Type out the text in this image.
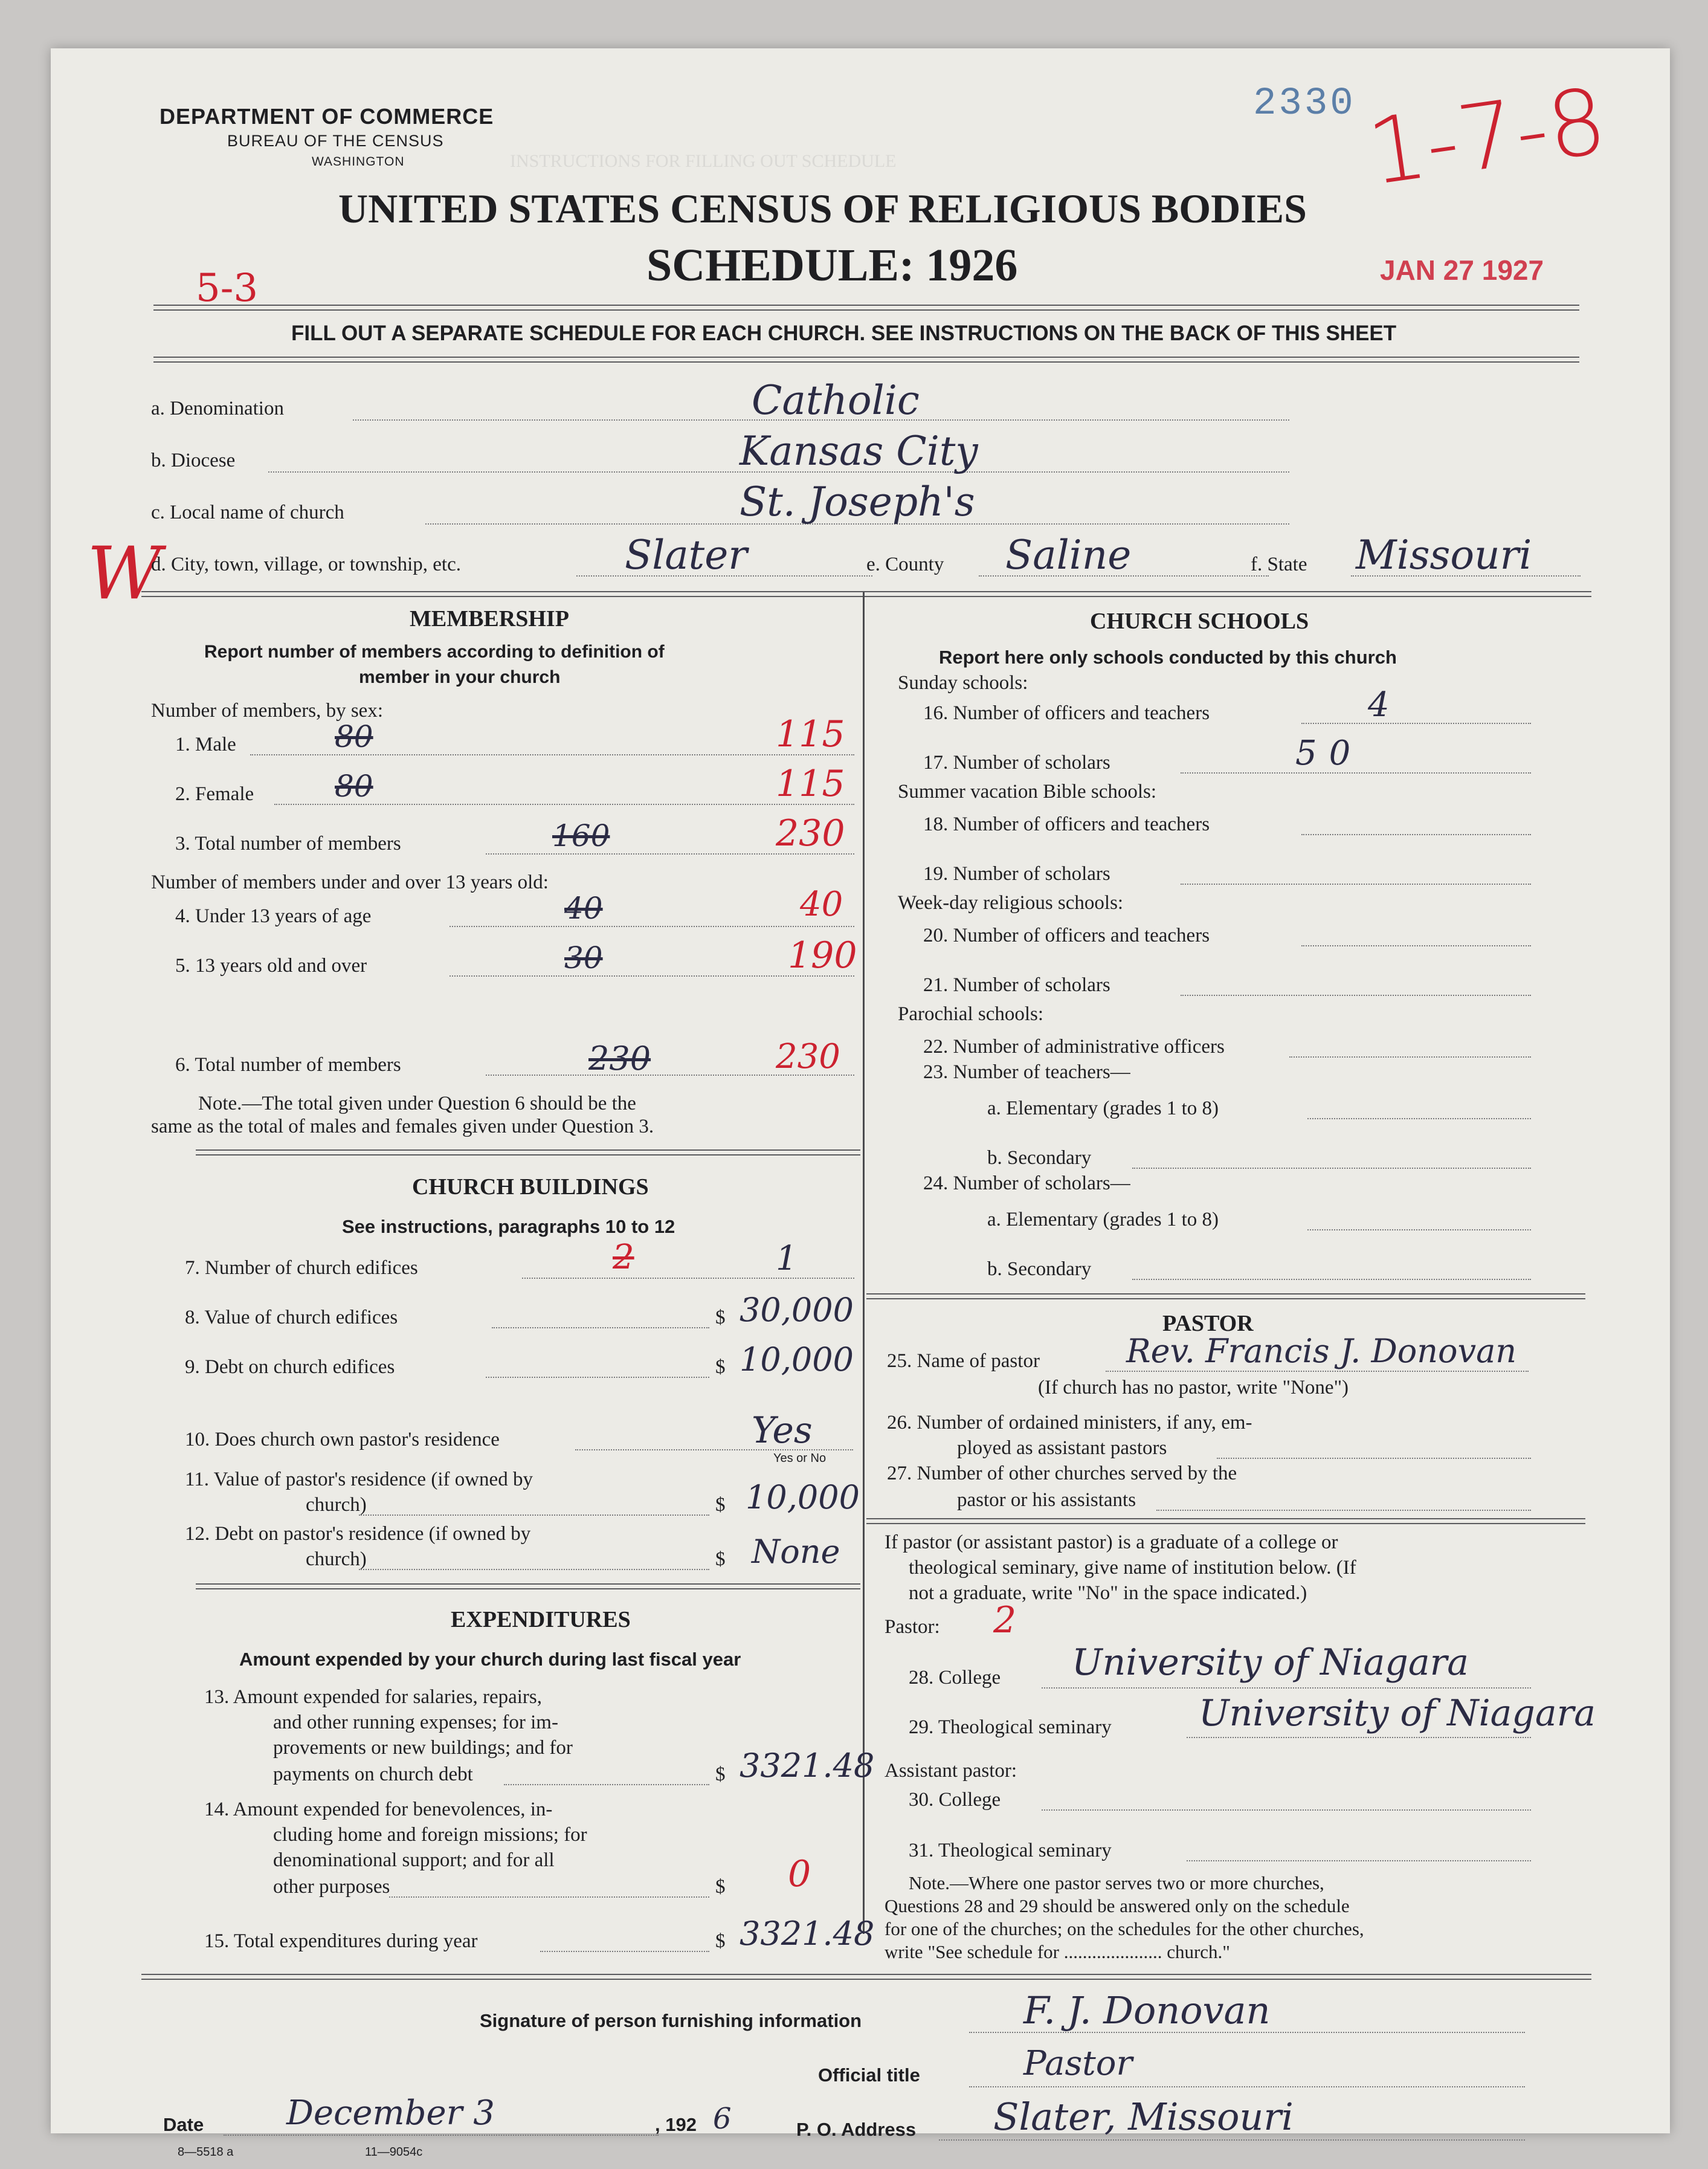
INSTRUCTIONS FOR FILLING OUT SCHEDULE
DEPARTMENT OF COMMERCE
BUREAU OF THE CENSUS
WASHINGTON
2330 1-7-8
JAN 27 1927
UNITED STATES CENSUS OF RELIGIOUS BODIES
SCHEDULE: 1926
5-3
FILL OUT A SEPARATE SCHEDULE FOR EACH CHURCH. SEE INSTRUCTIONS ON THE BACK OF THIS SHEET
a. Denomination	Catholic
b. Diocese	Kansas City
c. Local name of church	St. Joseph's
W
d. City, town, village, or township, etc.	Slater	e. County Saline	f. State Missouri
MEMBERSHIP
Report number of members according to definition of
member in your church
Number of members, by sex:
1. Male	80	115
2. Female	80	115
3. Total number of members	160	230
Number of members under and over 13 years old:
4. Under 13 years of age	40	40
5. 13 years old and over	30	190
6. Total number of members	230	230
Note.—The total given under Question 6 should be the
same as the total of males and females given under Question 3.
CHURCH BUILDINGS
See instructions, paragraphs 10 to 12
7. Number of church edifices	2	1
8. Value of church edifices	$ 30,000
9. Debt on church edifices	$ 10,000
10. Does church own pastor's residence	Yes
Yes or No
11. Value of pastor's residence (if owned by
church)	$ 10,000
12. Debt on pastor's residence (if owned by
church)	$ None
EXPENDITURES
Amount expended by your church during last fiscal year
13. Amount expended for salaries, repairs,
and other running expenses; for im-
provements or new buildings; and for
payments on church debt	$ 3321.48
14. Amount expended for benevolences, in-
cluding home and foreign missions; for
denominational support; and for all
other purposes	$ 0
15. Total expenditures during year	$ 3321.48
CHURCH SCHOOLS
Report here only schools conducted by this church
Sunday schools:
16. Number of officers and teachers	4
17. Number of scholars	50
Summer vacation Bible schools:
18. Number of officers and teachers
19. Number of scholars
Week-day religious schools:
20. Number of officers and teachers
21. Number of scholars
Parochial schools:
22. Number of administrative officers
23. Number of teachers—
a. Elementary (grades 1 to 8)
b. Secondary
24. Number of scholars—
a. Elementary (grades 1 to 8)
b. Secondary
PASTOR
25. Name of pastor	Rev. Francis J. Donovan
(If church has no pastor, write "None")
26. Number of ordained ministers, if any, em-
ployed as assistant pastors
27. Number of other churches served by the
pastor or his assistants
If pastor (or assistant pastor) is a graduate of a college or
theological seminary, give name of institution below. (If
not a graduate, write "No" in the space indicated.)
Pastor: 2
28. College University of Niagara
29. Theological seminary University of Niagara
Assistant pastor:
30. College
31. Theological seminary
Note.—Where one pastor serves two or more churches,
Questions 28 and 29 should be answered only on the schedule
for one of the churches; on the schedules for the other churches,
write "See schedule for ..................... church."
Signature of person furnishing information	F. J. Donovan
Official title	Pastor
Date December 3	, 192 6	P. O. Address Slater, Missouri
8—5518 a	11—9054c
